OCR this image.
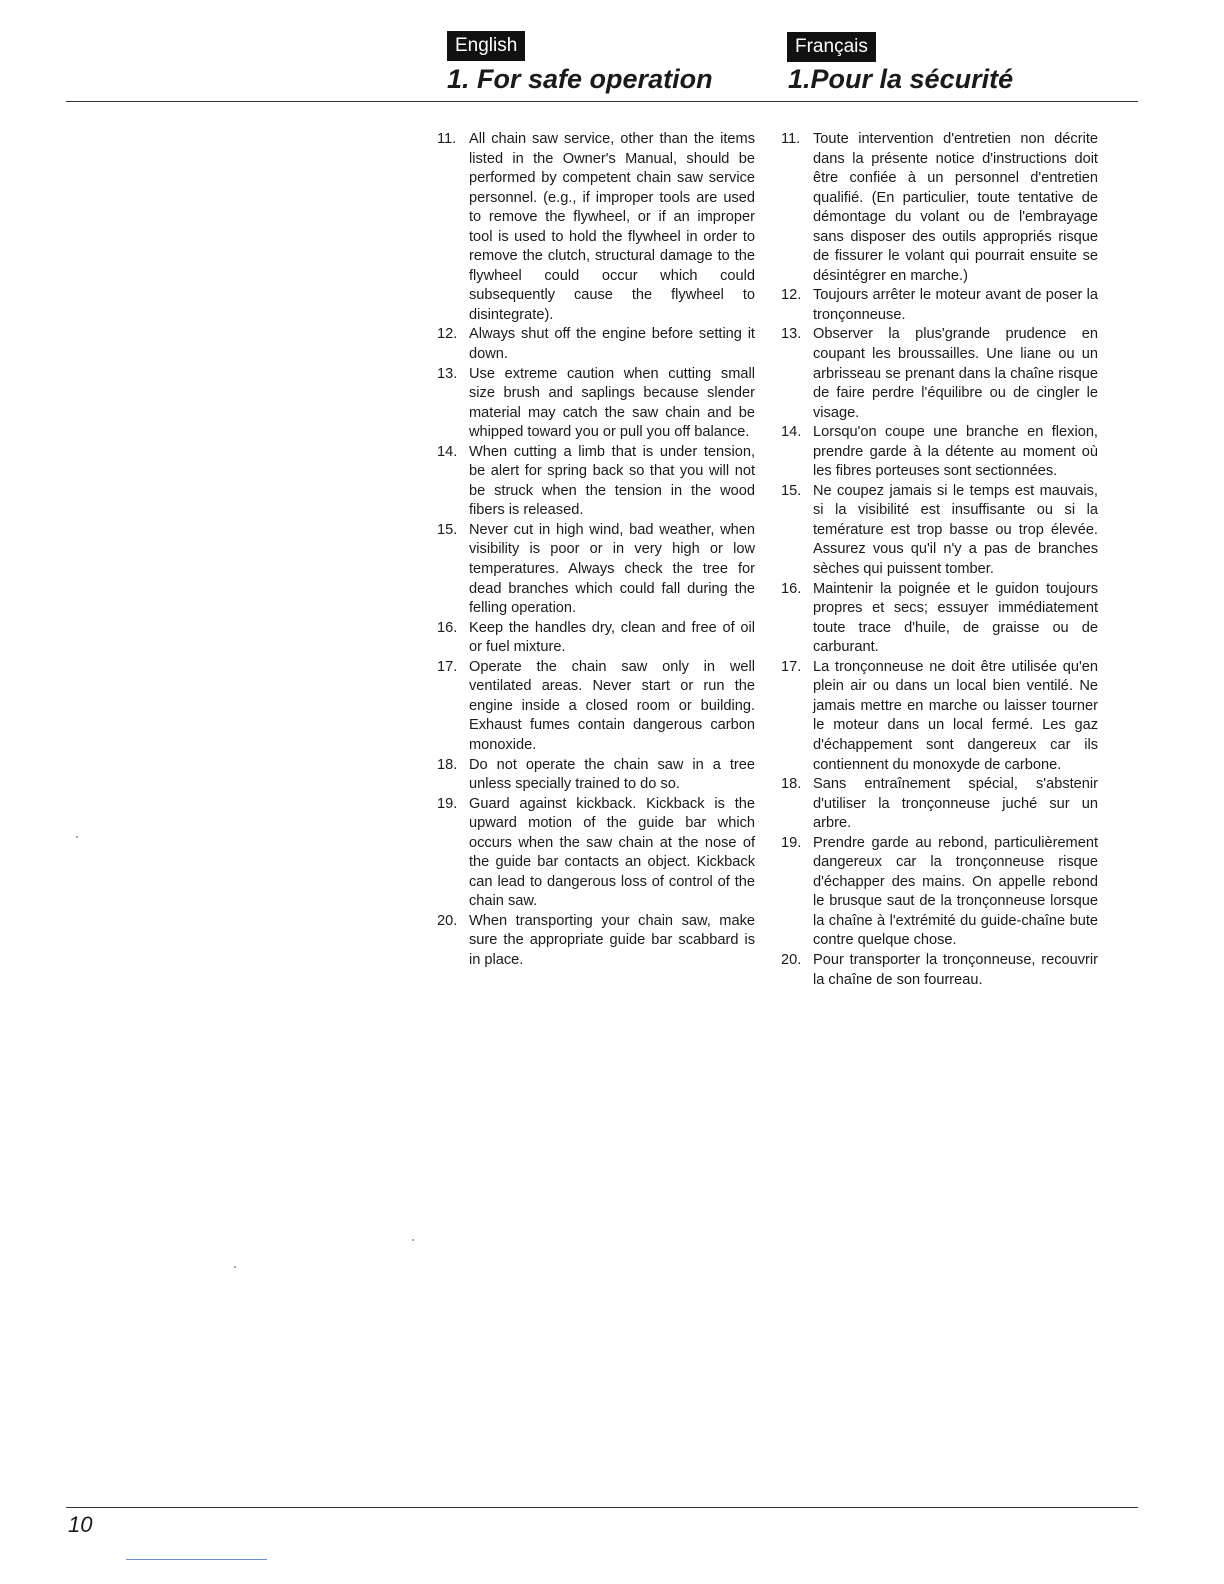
English	Français
1. For safe operation	1.Pour la sécurité
11. All chain saw service, other than the items listed in the Owner's Manual, should be performed by competent chain saw service personnel. (e.g., if improper tools are used to remove the flywheel, or if an improper tool is used to hold the flywheel in order to remove the clutch, structural damage to the flywheel could occur which could subsequently cause the flywheel to disintegrate).
12. Always shut off the engine before setting it down.
13. Use extreme caution when cutting small size brush and saplings because slender material may catch the saw chain and be whipped toward you or pull you off balance.
14. When cutting a limb that is under tension, be alert for spring back so that you will not be struck when the tension in the wood fibers is released.
15. Never cut in high wind, bad weather, when visibility is poor or in very high or low temperatures. Always check the tree for dead branches which could fall during the felling operation.
16. Keep the handles dry, clean and free of oil or fuel mixture.
17. Operate the chain saw only in well ventilated areas. Never start or run the engine inside a closed room or building. Exhaust fumes contain dangerous carbon monoxide.
18. Do not operate the chain saw in a tree unless specially trained to do so.
19. Guard against kickback. Kickback is the upward motion of the guide bar which occurs when the saw chain at the nose of the guide bar contacts an object. Kickback can lead to dangerous loss of control of the chain saw.
20. When transporting your chain saw, make sure the appropriate guide bar scabbard is in place.
11. Toute intervention d'entretien non décrite dans la présente notice d'instructions doit être confiée à un personnel d'entretien qualifié. (En particulier, toute tentative de démontage du volant ou de l'embrayage sans disposer des outils appropriés risque de fissurer le volant qui pourrait ensuite se désintégrer en marche.)
12. Toujours arrêter le moteur avant de poser la tronçonneuse.
13. Observer la plus'grande prudence en coupant les broussailles. Une liane ou un arbrisseau se prenant dans la chaîne risque de faire perdre l'équilibre ou de cingler le visage.
14. Lorsqu'on coupe une branche en flexion, prendre garde à la détente au moment où les fibres porteuses sont sectionnées.
15. Ne coupez jamais si le temps est mauvais, si la visibilité est insuffisante ou si la temérature est trop basse ou trop élevée. Assurez vous qu'il n'y a pas de branches sèches qui puissent tomber.
16. Maintenir la poignée et le guidon toujours propres et secs; essuyer immédiatement toute trace d'huile, de graisse ou de carburant.
17. La tronçonneuse ne doit être utilisée qu'en plein air ou dans un local bien ventilé. Ne jamais mettre en marche ou laisser tourner le moteur dans un local fermé. Les gaz d'échappement sont dangereux car ils contiennent du monoxyde de carbone.
18. Sans entraînement spécial, s'abstenir d'utiliser la tronçonneuse juché sur un arbre.
19. Prendre garde au rebond, particulièrement dangereux car la tronçonneuse risque d'échapper des mains. On appelle rebond le brusque saut de la tronçonneuse lorsque la chaîne à l'extrémité du guide-chaîne bute contre quelque chose.
20. Pour transporter la tronçonneuse, recouvrir la chaîne de son fourreau.
10
